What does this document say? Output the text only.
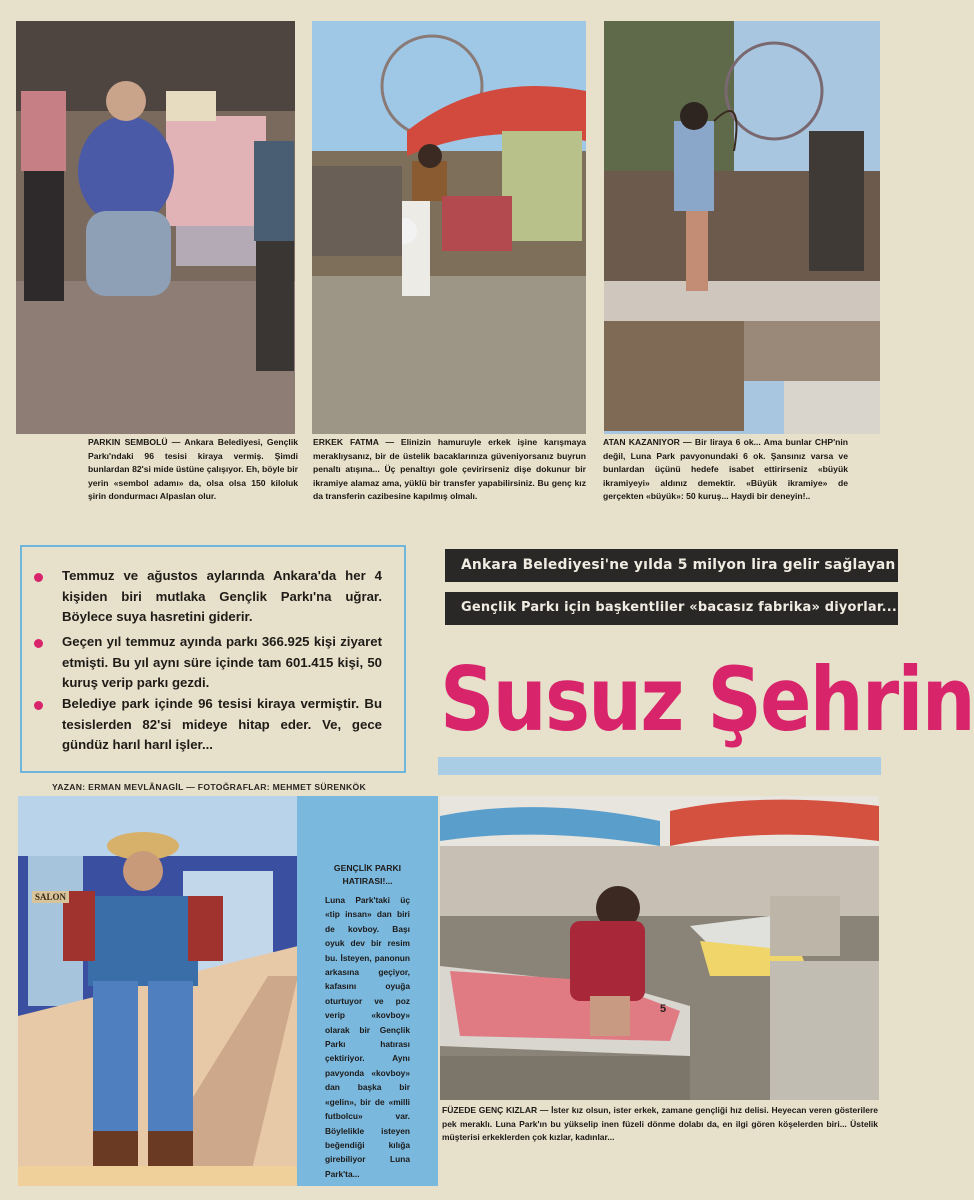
PARKIN SEMBOLÜ — Ankara Belediyesi, Gençlik Parkı'ndaki 96 tesisi kiraya vermiş. Şimdi bunlardan 82'si mide üstüne çalışıyor. Eh, böyle bir yerin «sembol adamı» da, olsa olsa 150 kiloluk şirin dondurmacı Alpaslan olur.
ERKEK FATMA — Elinizin hamuruyle erkek işine karışmaya meraklıysanız, bir de üstelik bacaklarınıza güveniyorsanız buyrun penaltı atışına... Üç penaltıyı gole çevirirseniz dişe dokunur bir ikramiye alamaz ama, yüklü bir transfer yapabilirsiniz. Bu genç kız da transferin cazibesine kapılmış olmalı.
ATAN KAZANIYOR — Bir liraya 6 ok... Ama bunlar CHP'nin değil, Luna Park pavyonundaki 6 ok. Şansınız varsa ve bunlardan üçünü hedefe isabet ettirirseniz «büyük ikramiyeyi» aldınız demektir. «Büyük ikramiye» de gerçekten «büyük»: 50 kuruş... Haydi bir deneyin!..
Temmuz ve ağustos aylarında Ankara'da her 4 kişiden biri mutlaka Gençlik Parkı'na uğrar. Böylece suya hasretini giderir.
Geçen yıl temmuz ayında parkı 366.925 kişi ziyaret etmişti. Bu yıl aynı süre içinde tam 601.415 kişi, 50 kuruş verip parkı gezdi.
Belediye park içinde 96 tesisi kiraya vermiştir. Bu tesislerden 82'si mideye hitap eder. Ve, gece gündüz harıl harıl işler...
Ankara Belediyesi'ne yılda 5 milyon lira gelir sağlayan
Gençlik Parkı için başkentliler «bacasız fabrika» diyorlar...
Susuz Şehrin
YAZAN: ERMAN MEVLÂNAGİL — FOTOĞRAFLAR: MEHMET SÜRENKÖK
SALON
GENÇLİK PARKI HATIRASI!...
Luna Park'taki üç «tip insan» dan biri de kovboy. Başı oyuk dev bir resim bu. İsteyen, panonun arkasına geçiyor, kafasını oyuğa oturtuyor ve poz verip «kovboy» olarak bir Gençlik Parkı hatırası çektiriyor. Aynı pavyonda «kovboy» dan başka bir «gelin», bir de «milli futbolcu» var. Böylelikle isteyen beğendiği kılığa girebiliyor Luna Park'ta...
5
FÜZEDE GENÇ KIZLAR — İster kız olsun, ister erkek, zamane gençliği hız delisi. Heyecan veren gösterilere pek meraklı. Luna Park'ın bu yükselip inen füzeli dönme dolabı da, en ilgi gören köşelerden biri... Üstelik müşterisi erkeklerden çok kızlar, kadınlar...
